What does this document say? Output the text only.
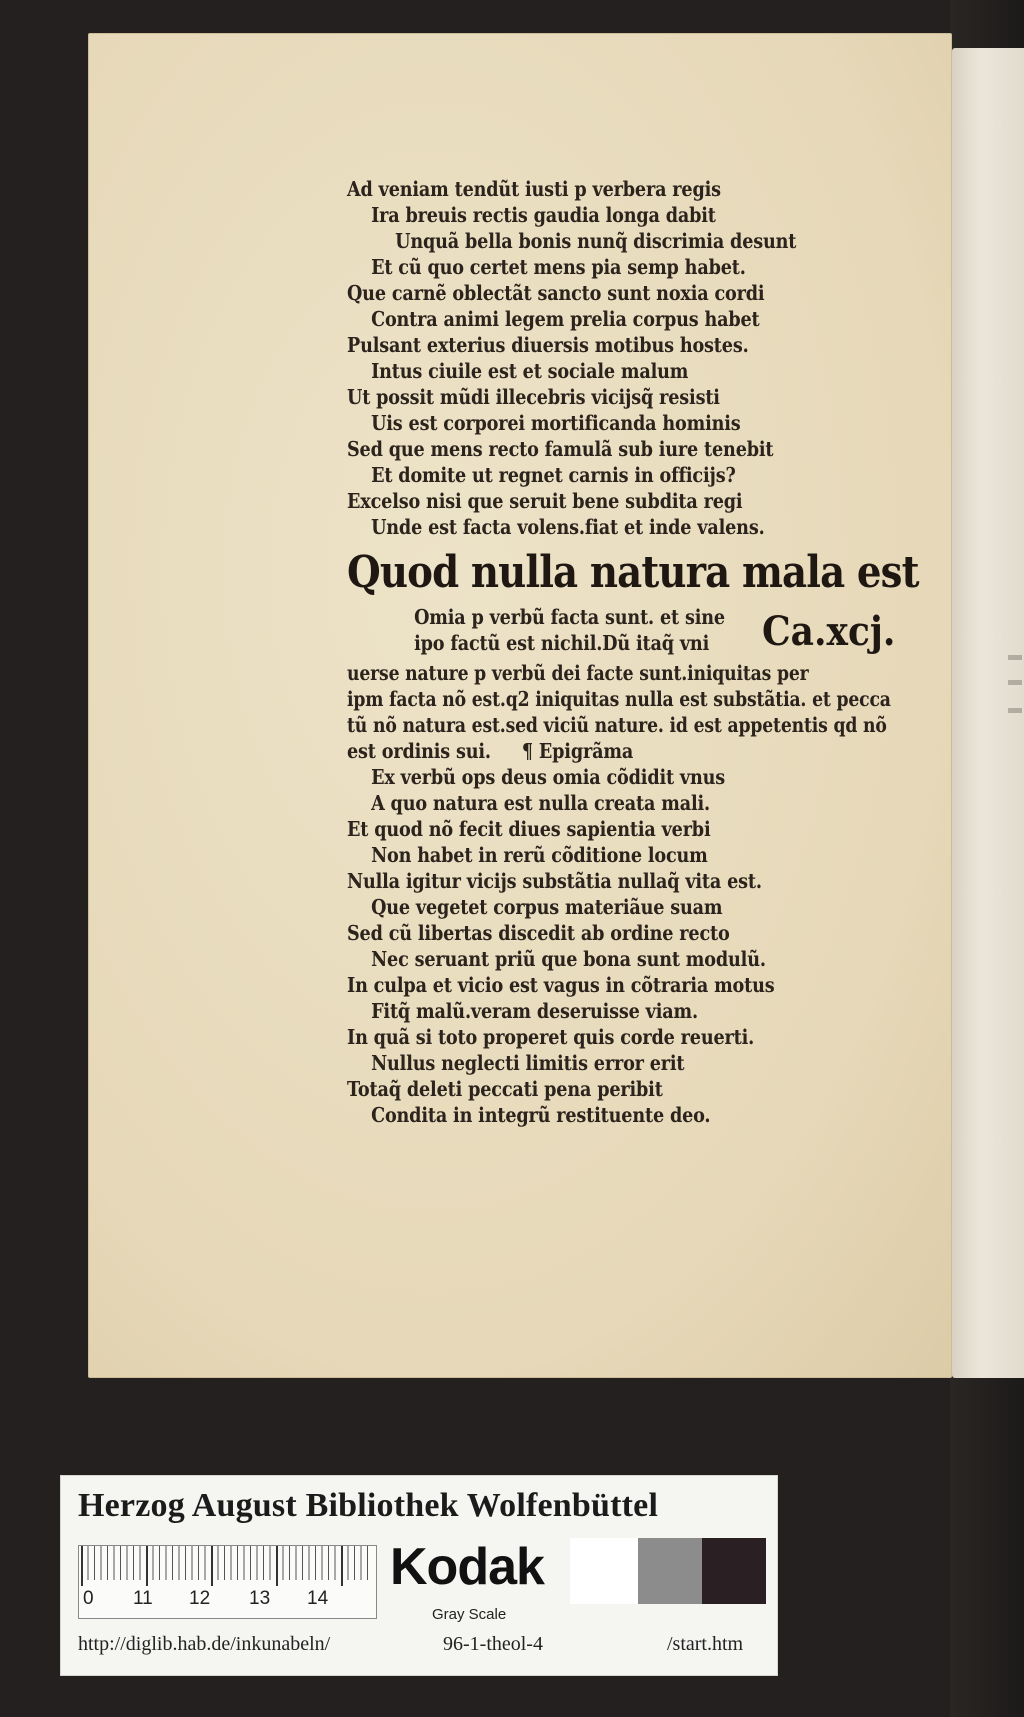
Ad veniam tendũt iusti p verbera regis
Ira breuis rectis gaudia longa dabit
Unquã bella bonis nunq̃ discrimia desunt
Et cũ quo certet mens pia semp habet.
Que carnẽ oblectãt sancto sunt noxia cordi
Contra animi legem prelia corpus habet
Pulsant exterius diuersis motibus hostes.
Intus ciuile est et sociale malum
Ut possit mũdi illecebris vicijsq̃ resisti
Uis est corporei mortificanda hominis
Sed que mens recto famulã sub iure tenebit
Et domite ut regnet carnis in officijs?
Excelso nisi que seruit bene subdita regi
Unde est facta volens.fiat et inde valens.
Quod nulla natura mala est
Omia p verbũ facta sunt. et sine
ipo factũ est nichil.Dũ itaq̃ vni	Ca.xcj.
uerse nature p verbũ dei facte sunt.iniquitas per
ipm facta nõ est.q2 iniquitas nulla est substãtia. et pecca
tũ nõ natura est.sed viciũ nature. id est appetentis qd nõ
est ordinis sui. ¶ Epigrãma
Ex verbũ ops deus omia cõdidit vnus
A quo natura est nulla creata mali.
Et quod nõ fecit diues sapientia verbi
Non habet in rerũ cõditione locum
Nulla igitur vicijs substãtia nullaq̃ vita est.
Que vegetet corpus materiãue suam
Sed cũ libertas discedit ab ordine recto
Nec seruant priũ que bona sunt modulũ.
In culpa et vicio est vagus in cõtraria motus
Fitq̃ malũ.veram deseruisse viam.
In quã si toto properet quis corde reuerti.
Nullus neglecti limitis error erit
Totaq̃ deleti peccati pena peribit
Condita in integrũ restituente deo.
Herzog August Bibliothek Wolfenbüttel
0 11 12 13 14
Kodak
Gray Scale
http://diglib.hab.de/inkunabeln/	96-1-theol-4	/start.htm
